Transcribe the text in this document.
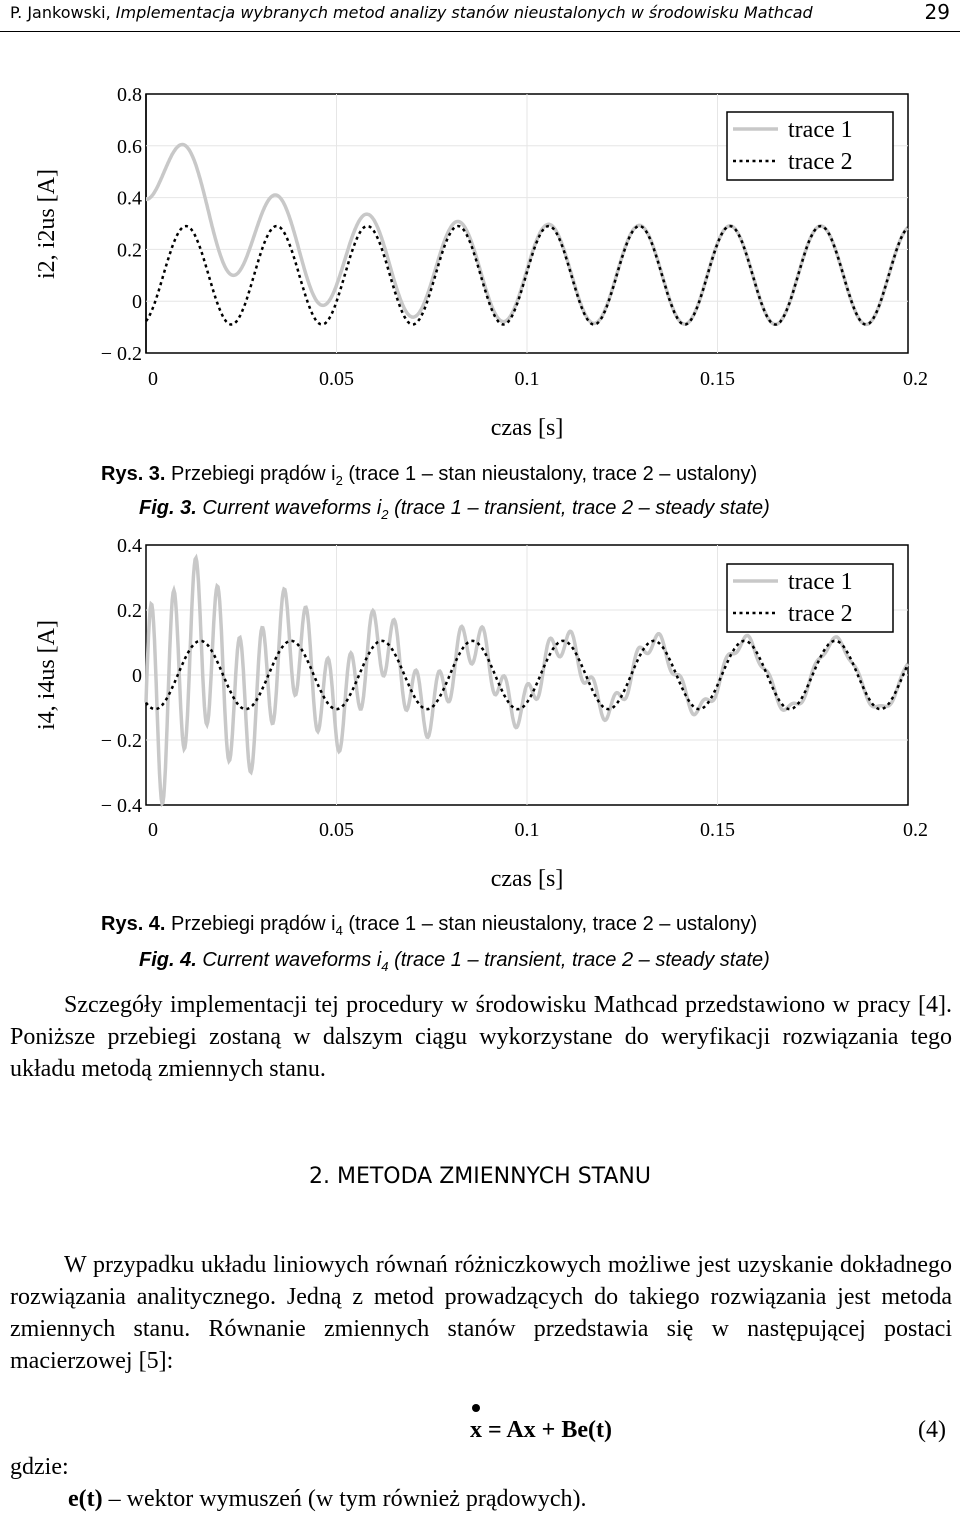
P. Jankowski, Implementacja wybranych metod analizy stanów nieustalonych w środowisku Mathcad	29
0.8
0.6
0.4
0.2
0
− 0.2
0	0.05	0.1	0.15	0.2
trace 1
trace 2
i2, i2us [A]
czas [s]
Rys. 3. Przebiegi prądów $i_2$ (trace 1 – stan nieustalony, trace 2 – ustalony)
Fig. 3. Current waveforms $i_2$ (trace 1 – transient, trace 2 – steady state)
0.4
0.2
0
− 0.2
− 0.4
0	0.05	0.1	0.15	0.2
trace 1
trace 2
i4, i4us [A]
czas [s]
Rys. 4. Przebiegi prądów $i_4$ (trace 1 – stan nieustalony, trace 2 – ustalony)
Fig. 4. Current waveforms $i_4$ (trace 1 – transient, trace 2 – steady state)
Szczegóły implementacji tej procedury w środowisku Mathcad przedstawiono w pracy [4]. Poniższe przebiegi zostaną w dalszym ciągu wykorzystane do weryfikacji rozwiązania tego układu metodą zmiennych stanu.
2. METODA ZMIENNYCH STANU
W przypadku układu liniowych równań różniczkowych możliwe jest uzyskanie dokładnego rozwiązania analitycznego. Jedną z metod prowadzących do takiego rozwiązania jest metoda zmiennych stanu. Równanie zmiennych stanów przedstawia się w następującej postaci macierzowej [5]:
x = Ax + Be(t)	(4)
gdzie:
e(t) – wektor wymuszeń (w tym również prądowych).
